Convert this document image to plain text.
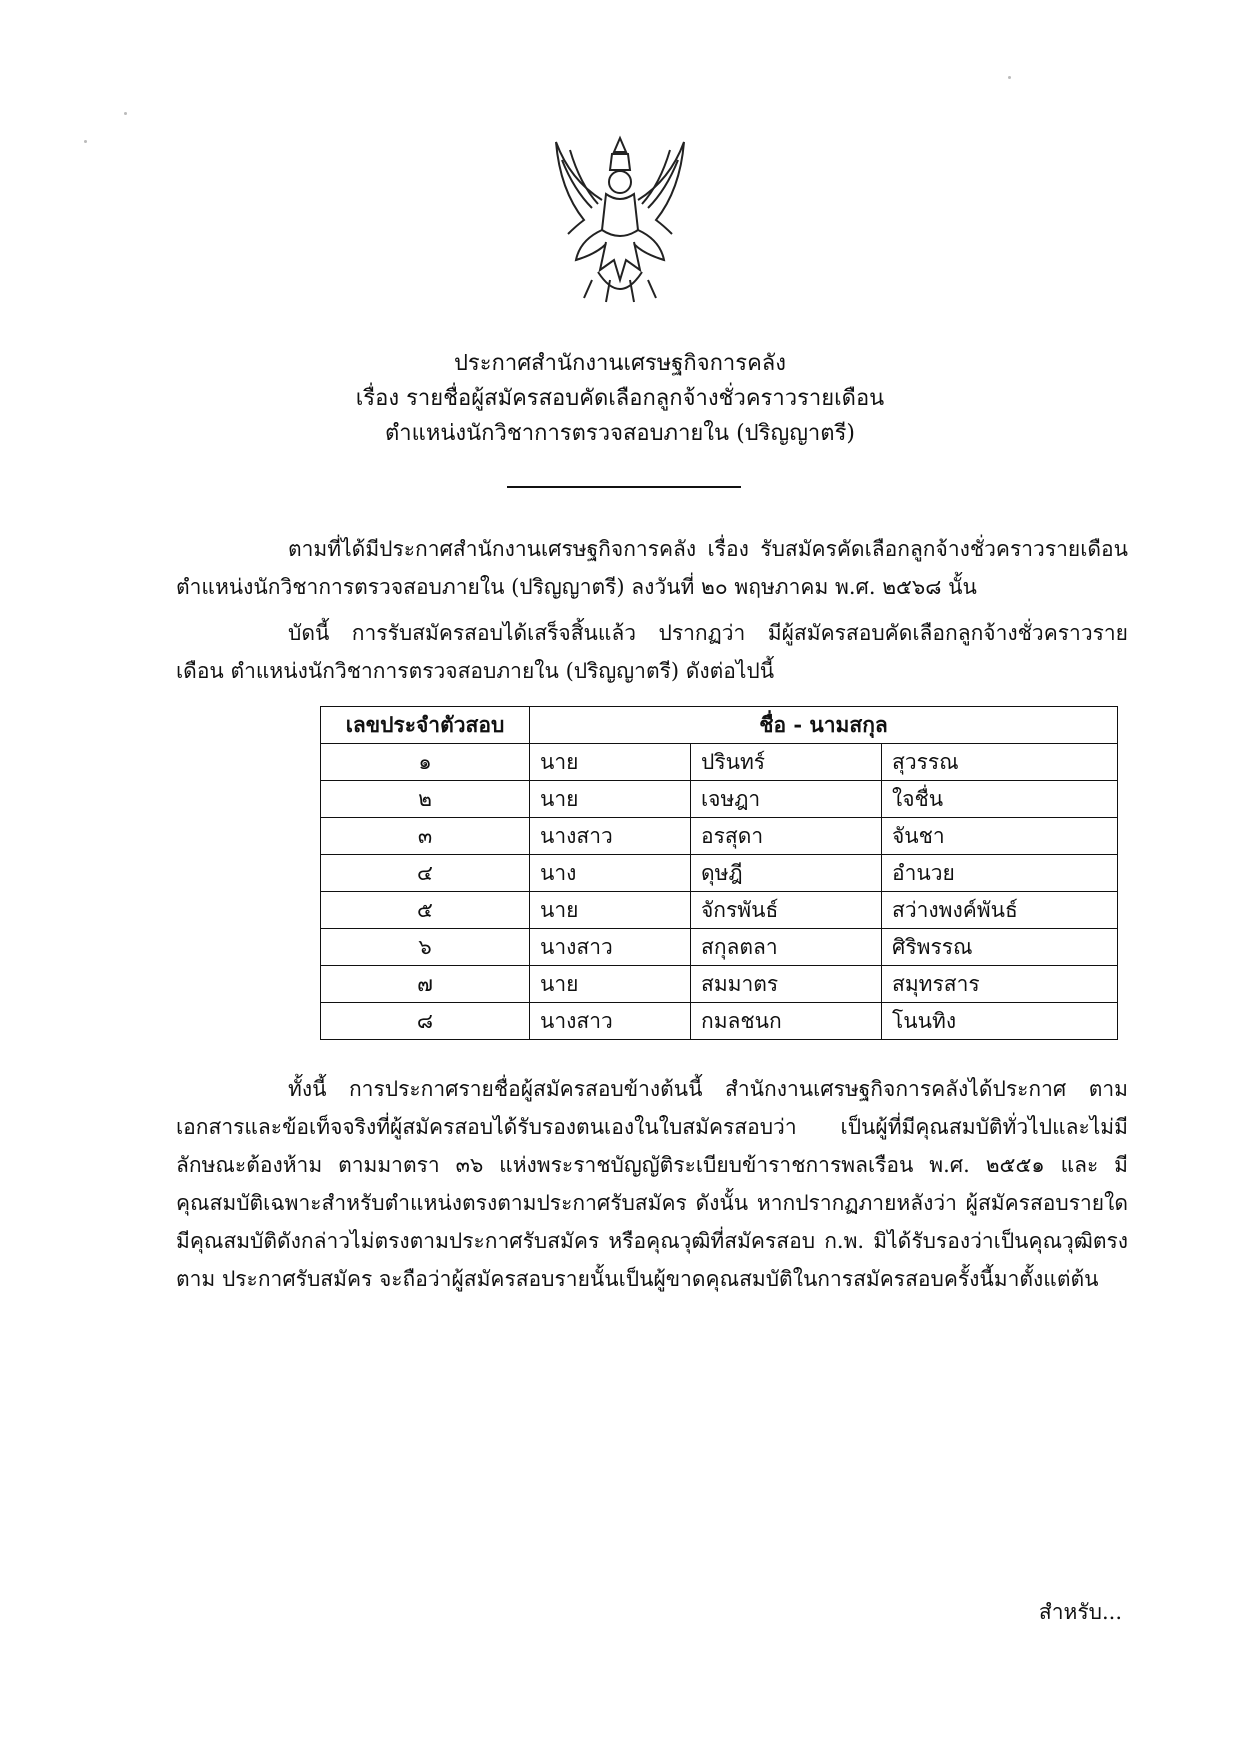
ประกาศสำนักงานเศรษฐกิจการคลัง
เรื่อง รายชื่อผู้สมัครสอบคัดเลือกลูกจ้างชั่วคราวรายเดือน
ตำแหน่งนักวิชาการตรวจสอบภายใน (ปริญญาตรี)
ตามที่ได้มีประกาศสำนักงานเศรษฐกิจการคลัง เรื่อง รับสมัครคัดเลือกลูกจ้างชั่วคราวรายเดือน ตำแหน่งนักวิชาการตรวจสอบภายใน (ปริญญาตรี) ลงวันที่ ๒๐ พฤษภาคม พ.ศ. ๒๕๖๘ นั้น
บัดนี้ การรับสมัครสอบได้เสร็จสิ้นแล้ว ปรากฏว่า มีผู้สมัครสอบคัดเลือกลูกจ้างชั่วคราวรายเดือน ตำแหน่งนักวิชาการตรวจสอบภายใน (ปริญญาตรี) ดังต่อไปนี้
เลขประจำตัวสอบ	ชื่อ - นามสกุล		
๑	นาย	ปรินทร์	สุวรรณ
๒	นาย	เจษฎา	ใจชื่น
๓	นางสาว	อรสุดา	จันชา
๔	นาง	ดุษฎี	อำนวย
๕	นาย	จักรพันธ์	สว่างพงค์พันธ์
๖	นางสาว	สกุลตลา	ศิริพรรณ
๗	นาย	สมมาตร	สมุทรสาร
๘	นางสาว	กมลชนก	โนนทิง
ทั้งนี้ การประกาศรายชื่อผู้สมัครสอบข้างต้นนี้ สำนักงานเศรษฐกิจการคลังได้ประกาศ ตามเอกสารและข้อเท็จจริงที่ผู้สมัครสอบได้รับรองตนเองในใบสมัครสอบว่า เป็นผู้ที่มีคุณสมบัติทั่วไปและไม่มี ลักษณะต้องห้าม ตามมาตรา ๓๖ แห่งพระราชบัญญัติระเบียบข้าราชการพลเรือน พ.ศ. ๒๕๕๑ และ มีคุณสมบัติเฉพาะสำหรับตำแหน่งตรงตามประกาศรับสมัคร ดังนั้น หากปรากฏภายหลังว่า ผู้สมัครสอบรายใด มีคุณสมบัติดังกล่าวไม่ตรงตามประกาศรับสมัคร หรือคุณวุฒิที่สมัครสอบ ก.พ. มิได้รับรองว่าเป็นคุณวุฒิตรงตาม ประกาศรับสมัคร จะถือว่าผู้สมัครสอบรายนั้นเป็นผู้ขาดคุณสมบัติในการสมัครสอบครั้งนี้มาตั้งแต่ต้น
สำหรับ...
